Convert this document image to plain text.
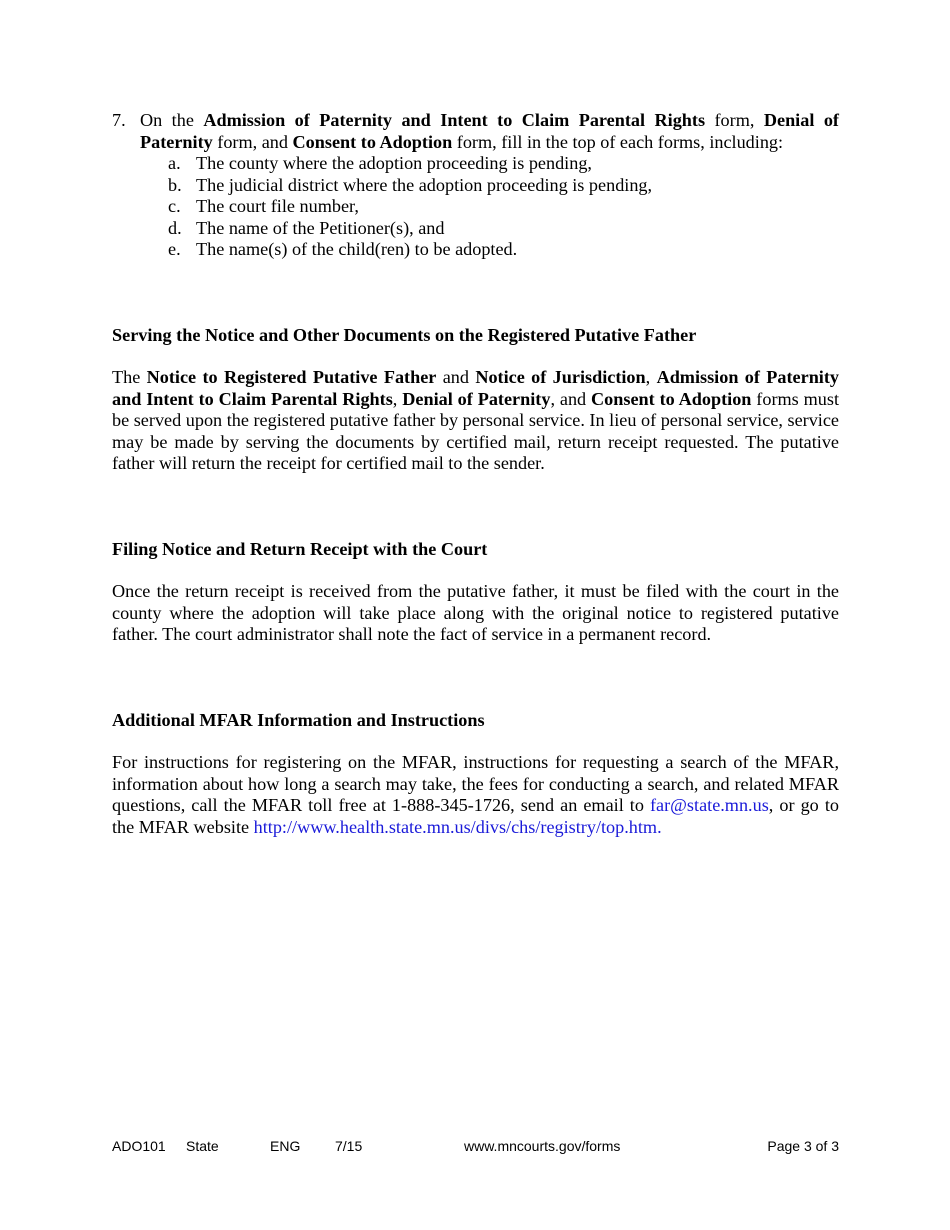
7. On the Admission of Paternity and Intent to Claim Parental Rights form, Denial of Paternity form, and Consent to Adoption form, fill in the top of each forms, including:
a. The county where the adoption proceeding is pending,
b. The judicial district where the adoption proceeding is pending,
c. The court file number,
d. The name of the Petitioner(s), and
e. The name(s) of the child(ren) to be adopted.

Serving the Notice and Other Documents on the Registered Putative Father

The Notice to Registered Putative Father and Notice of Jurisdiction, Admission of Paternity and Intent to Claim Parental Rights, Denial of Paternity, and Consent to Adoption forms must be served upon the registered putative father by personal service. In lieu of personal service, service may be made by serving the documents by certified mail, return receipt requested. The putative father will return the receipt for certified mail to the sender.

Filing Notice and Return Receipt with the Court

Once the return receipt is received from the putative father, it must be filed with the court in the county where the adoption will take place along with the original notice to registered putative father. The court administrator shall note the fact of service in a permanent record.

Additional MFAR Information and Instructions

For instructions for registering on the MFAR, instructions for requesting a search of the MFAR, information about how long a search may take, the fees for conducting a search, and related MFAR questions, call the MFAR toll free at 1-888-345-1726, send an email to far@state.mn.us, or go to the MFAR website http://www.health.state.mn.us/divs/chs/registry/top.htm.

ADO101 State	ENG 7/15	www.mncourts.gov/forms	Page 3 of 3
